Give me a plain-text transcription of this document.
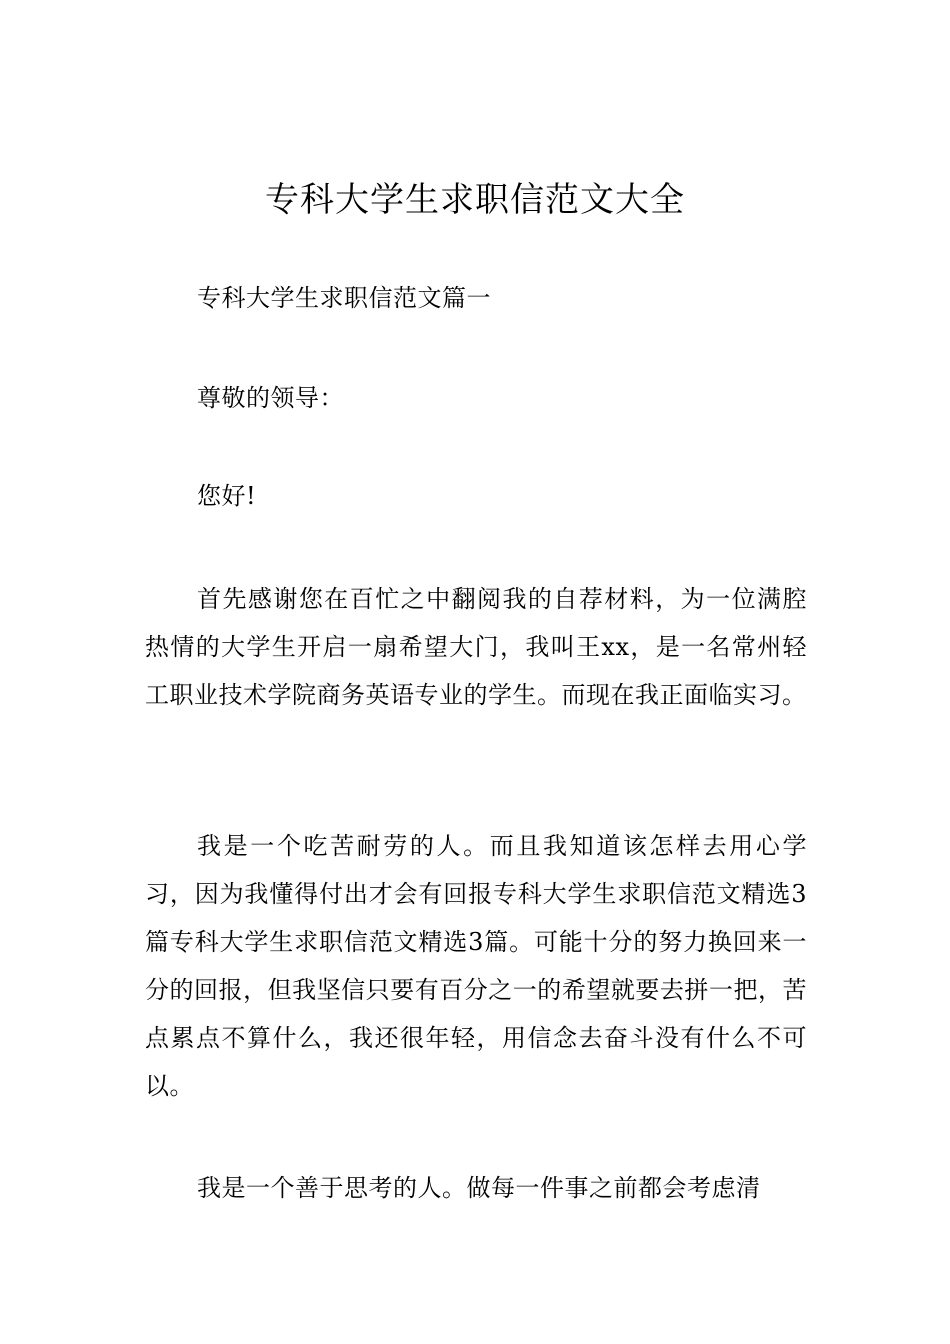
专科大学生求职信范文大全

专科大学生求职信范文篇一

尊敬的领导：

您好!

首先感谢您在百忙之中翻阅我的自荐材料，为一位满腔热情的大学生开启一扇希望大门，我叫王xx，是一名常州轻工职业技术学院商务英语专业的学生。而现在我正面临实习。

我是一个吃苦耐劳的人。而且我知道该怎样去用心学习，因为我懂得付出才会有回报专科大学生求职信范文精选3篇专科大学生求职信范文精选3篇。可能十分的努力换回来一分的回报，但我坚信只要有百分之一的希望就要去拼一把，苦点累点不算什么，我还很年轻，用信念去奋斗没有什么不可以。

我是一个善于思考的人。做每一件事之前都会考虑清
